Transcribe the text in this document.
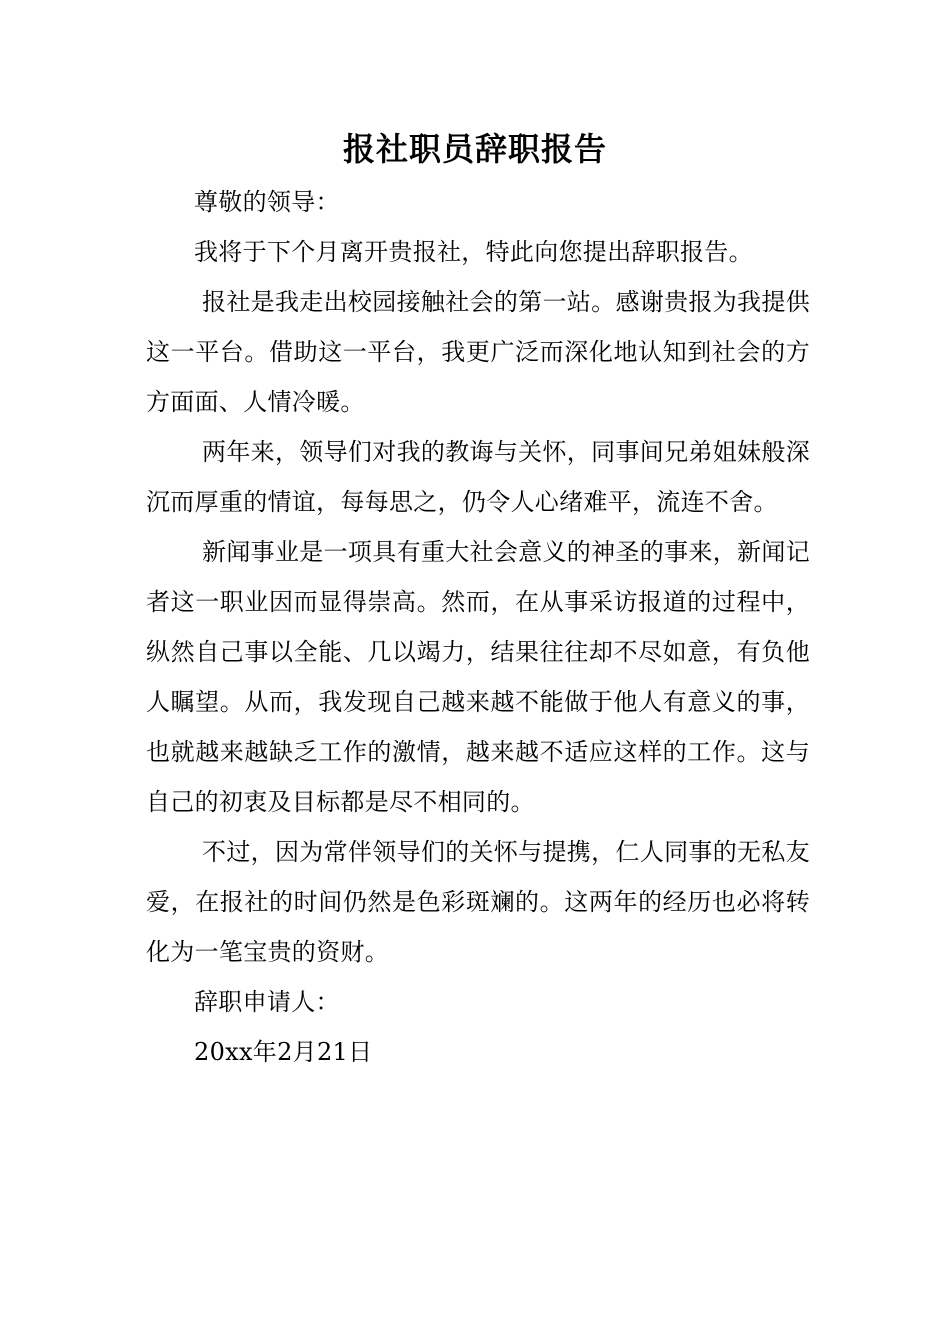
报社职员辞职报告

尊敬的领导：

我将于下个月离开贵报社，特此向您提出辞职报告。

报社是我走出校园接触社会的第一站。感谢贵报为我提供这一平台。借助这一平台，我更广泛而深化地认知到社会的方方面面、人情冷暖。

两年来，领导们对我的教诲与关怀，同事间兄弟姐妹般深沉而厚重的情谊，每每思之，仍令人心绪难平，流连不舍。

新闻事业是一项具有重大社会意义的神圣的事来，新闻记者这一职业因而显得崇高。然而，在从事采访报道的过程中，纵然自己事以全能、几以竭力，结果往往却不尽如意，有负他人瞩望。从而，我发现自己越来越不能做于他人有意义的事，也就越来越缺乏工作的激情，越来越不适应这样的工作。这与自己的初衷及目标都是尽不相同的。

不过，因为常伴领导们的关怀与提携，仁人同事的无私友爱，在报社的时间仍然是色彩斑斓的。这两年的经历也必将转化为一笔宝贵的资财。

辞职申请人：

20xx年2月21日
